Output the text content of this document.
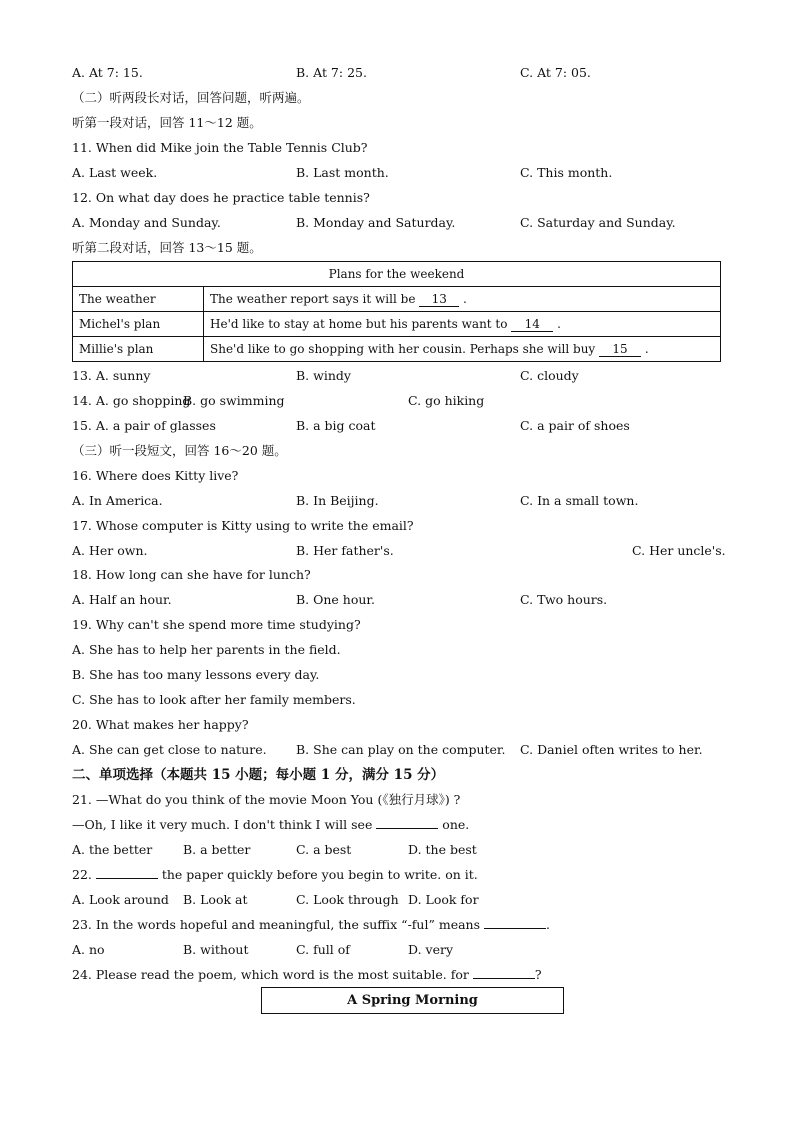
A. At 7: 15.	B. At 7: 25.	C. At 7: 05.
（二）听两段长对话，回答问题，听两遍。
听第一段对话，回答 11～12 题。
11. When did Mike join the Table Tennis Club?
A. Last week.	B. Last month.	C. This month.
12. On what day does he practice table tennis?
A. Monday and Sunday.	B. Monday and Saturday.	C. Saturday and Sunday.
听第二段对话，回答 13～15 题。
Plans for the weekend	
The weather	The weather report says it will be 13 .
Michel's plan	He'd like to stay at home but his parents want to 14 .
Millie's plan	She'd like to go shopping with her cousin. Perhaps she will buy 15 .
13. A. sunny	B. windy	C. cloudy
14. A. go shopping
B. go swimming	C. go hiking
15. A. a pair of glasses	B. a big coat	C. a pair of shoes
（三）听一段短文，回答 16～20 题。
16. Where does Kitty live?
A. In America.	B. In Beijing.	C. In a small town.
17. Whose computer is Kitty using to write the email?
A. Her own.	B. Her father's.	C. Her uncle's.
18. How long can she have for lunch?
A. Half an hour.	B. One hour.	C. Two hours.
19. Why can't she spend more time studying?
A. She has to help her parents in the field.
B. She has too many lessons every day.
C. She has to look after her family members.
20. What makes her happy?
A. She can get close to nature. B. She can play on the computer. C. Daniel often writes to her.
二、单项选择（本题共 15 小题；每小题 1 分，满分 15 分）
21. —What do you think of the movie Moon You (《独行月球》) ?
—Oh, I like it very much. I don't think I will see	one.
A. the better B. a better	C. a best	D. the best
22.	the paper quickly before you begin to write. on it.
A. Look around B. Look at	C. Look through D. Look for
23. In the words hopeful and meaningful, the suffix “-ful” means	.
A. no	B. without	C. full of	D. very
24. Please read the poem, which word is the most suitable. for	?
A Spring Morning
